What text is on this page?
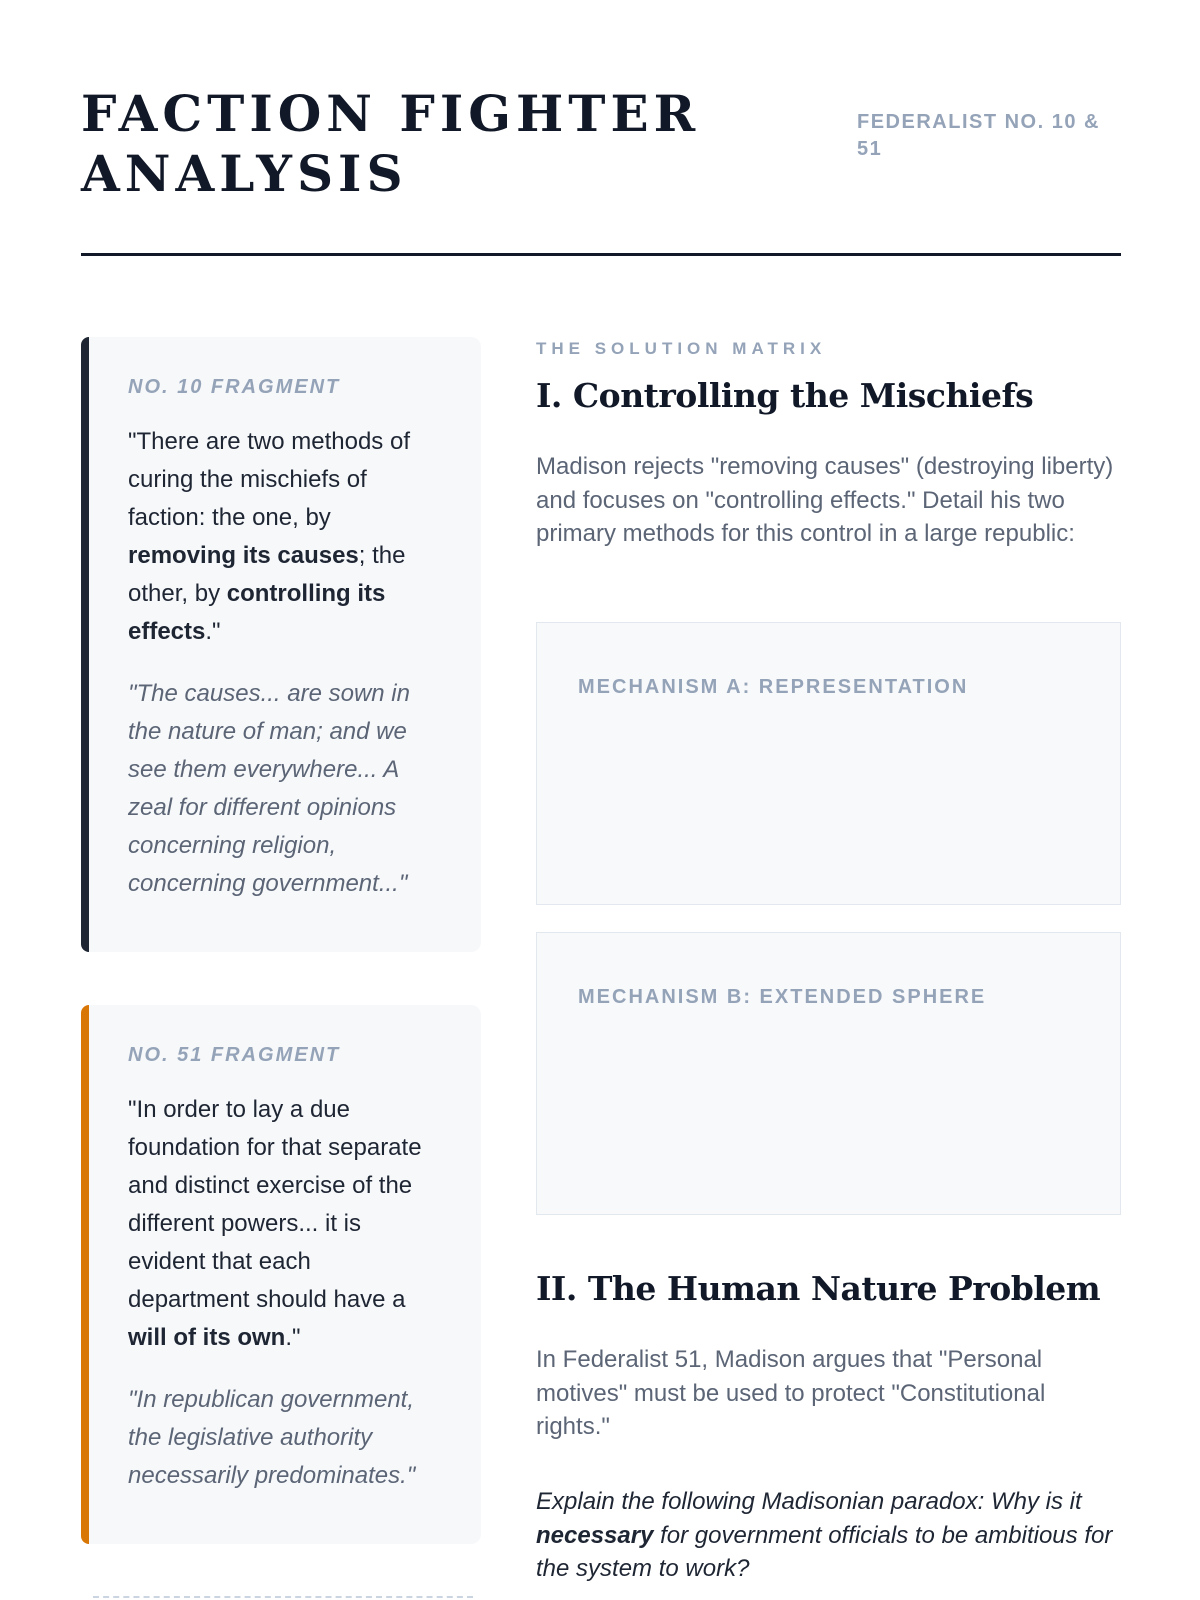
FACTION FIGHTER
ANALYSIS
FEDERALIST NO. 10 & 51
NO. 10 FRAGMENT
"There are two methods of curing the mischiefs of faction: the one, by removing its causes; the other, by controlling its effects."
"The causes... are sown in the nature of man; and we see them everywhere... A zeal for different opinions concerning religion, concerning government..."
NO. 51 FRAGMENT
"In order to lay a due foundation for that separate and distinct exercise of the different powers... it is evident that each department should have a will of its own."
"In republican government, the legislative authority necessarily predominates."

THE SOLUTION MATRIX

I. Controlling the Mischiefs

Madison rejects "removing causes" (destroying liberty) and focuses on "controlling effects." Detail his two primary methods for this control in a large republic:

MECHANISM A: REPRESENTATION
MECHANISM B: EXTENDED SPHERE
II. The Human Nature Problem

In Federalist 51, Madison argues that "Personal motives" must be used to protect "Constitutional rights."

Explain the following Madisonian paradox: Why is it necessary for government officials to be ambitious for the system to work?
